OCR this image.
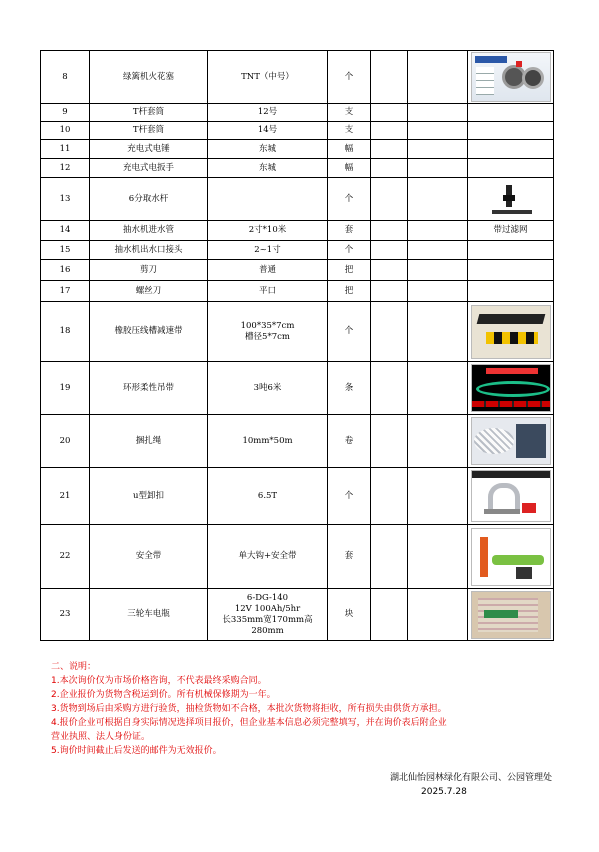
8	绿篱机火花塞	TNT（中号）	个			

9	T杆套筒	12号	支			
10	T杆套筒	14号	支			
11	充电式电锤	东城	幅			
12	充电式电扳手	东城	幅			
13	6分取水杆		个			

14	抽水机进水管	2寸*10米	套			带过滤网
15	抽水机出水口接头	2~1寸	个			
16	剪刀	普通	把			
17	螺丝刀	平口	把			
18	橡胶压线槽减速带	100*35*7cm
槽径5*7cm	个			

19	环形柔性吊带	3吨6米	条			

20	捆扎绳	10mm*50m	卷			

21	u型卸扣	6.5T	个			

22	安全带	单大钩+安全带	套			

23	三轮车电瓶	6-DG-140
12V 100Ah/5hr
长335mm宽170mm高280mm	块			

二、说明：

1.本次询价仅为市场价格咨询，不代表最终采购合同。

2.企业报价为货物含税运到价。所有机械保修期为一年。

3.货物到场后由采购方进行验货，抽检货物如不合格，本批次货物将拒收，所有损失由供货方承担。

4.报价企业可根据自身实际情况选择项目报价，但企业基本信息必须完整填写，并在询价表后附企业

营业执照、法人身份证。

5.询价时间截止后发送的邮件为无效报价。

湖北仙怡园林绿化有限公司、公园管理处
2025.7.28
